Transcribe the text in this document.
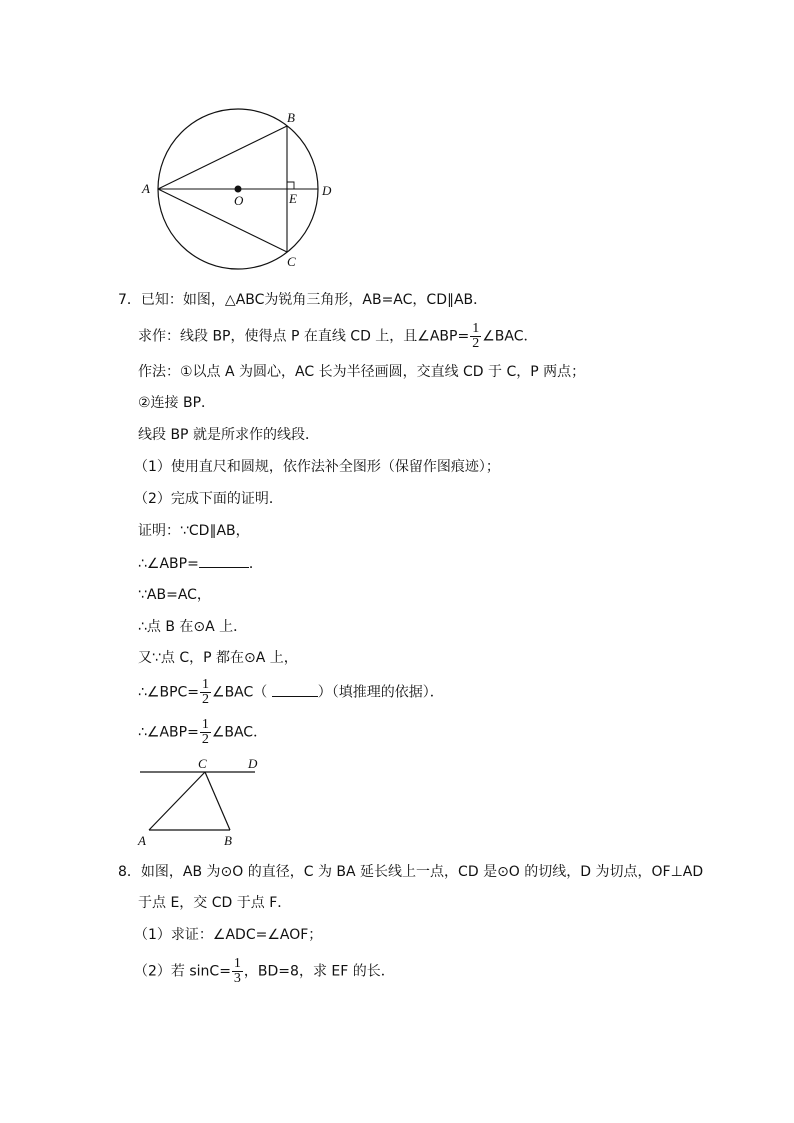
A
B
C
D
E
O
7．已知：如图，△ABC为锐角三角形，AB=AC，CD∥AB．
求作：线段 BP，使得点 P 在直线 CD 上，且∠ABP= $\frac{1}{2}$ ∠BAC．
作法：①以点 A 为圆心，AC 长为半径画圆，交直线 CD 于 C，P 两点；
②连接 BP．
线段 BP 就是所求作的线段．
（1）使用直尺和圆规，依作法补全图形（保留作图痕迹）；
（2）完成下面的证明．
证明：∵CD∥AB，
∴∠ABP=	．
∵AB=AC，
∴点 B 在⊙A 上．
又∵点 C，P 都在⊙A 上，
∴∠BPC= $\frac{1}{2}$ ∠BAC（	）（填推理的依据）．
∴∠ABP= $\frac{1}{2}$ ∠BAC．
C	D
A	B
8．如图，AB 为⊙O 的直径，C 为 BA 延长线上一点，CD 是⊙O 的切线，D 为切点，OF⊥AD
于点 E，交 CD 于点 F．
（1）求证：∠ADC=∠AOF；
（2）若 $\sin C= \frac{1}{3}$ ，BD=8，求 EF 的长．
